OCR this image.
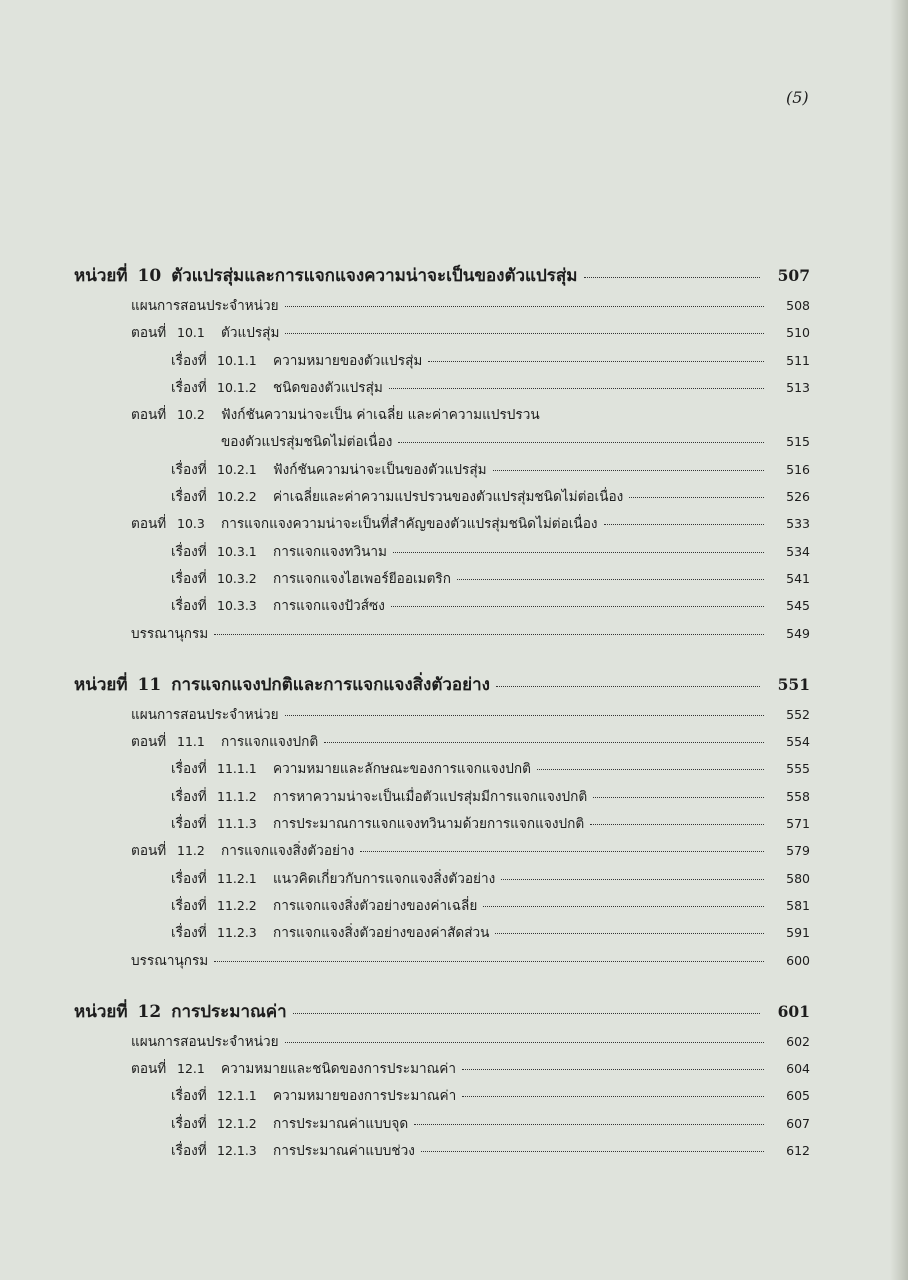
(5)
หน่วยที่ 10 ตัวแปรสุ่มและการแจกแจงความน่าจะเป็นของตัวแปรสุ่ม	507
แผนการสอนประจำหน่วย	508
ตอนที่ 10.1	ตัวแปรสุ่ม	510
เรื่องที่ 10.1.1	ความหมายของตัวแปรสุ่ม	511
เรื่องที่ 10.1.2	ชนิดของตัวแปรสุ่ม	513
ตอนที่ 10.2	ฟังก์ชันความน่าจะเป็น ค่าเฉลี่ย และค่าความแปรปรวน
ของตัวแปรสุ่มชนิดไม่ต่อเนื่อง	515
เรื่องที่ 10.2.1	ฟังก์ชันความน่าจะเป็นของตัวแปรสุ่ม	516
เรื่องที่ 10.2.2	ค่าเฉลี่ยและค่าความแปรปรวนของตัวแปรสุ่มชนิดไม่ต่อเนื่อง	526
ตอนที่ 10.3	การแจกแจงความน่าจะเป็นที่สำคัญของตัวแปรสุ่มชนิดไม่ต่อเนื่อง	533
เรื่องที่ 10.3.1	การแจกแจงทวินาม	534
เรื่องที่ 10.3.2	การแจกแจงไฮเพอร์ยีออเมตริก	541
เรื่องที่ 10.3.3	การแจกแจงปัวส์ซง	545
บรรณานุกรม	549
หน่วยที่ 11 การแจกแจงปกติและการแจกแจงสิ่งตัวอย่าง	551
แผนการสอนประจำหน่วย	552
ตอนที่ 11.1	การแจกแจงปกติ	554
เรื่องที่ 11.1.1	ความหมายและลักษณะของการแจกแจงปกติ	555
เรื่องที่ 11.1.2	การหาความน่าจะเป็นเมื่อตัวแปรสุ่มมีการแจกแจงปกติ	558
เรื่องที่ 11.1.3	การประมาณการแจกแจงทวินามด้วยการแจกแจงปกติ	571
ตอนที่ 11.2	การแจกแจงสิ่งตัวอย่าง	579
เรื่องที่ 11.2.1	แนวคิดเกี่ยวกับการแจกแจงสิ่งตัวอย่าง	580
เรื่องที่ 11.2.2	การแจกแจงสิ่งตัวอย่างของค่าเฉลี่ย	581
เรื่องที่ 11.2.3	การแจกแจงสิ่งตัวอย่างของค่าสัดส่วน	591
บรรณานุกรม	600
หน่วยที่ 12 การประมาณค่า	601
แผนการสอนประจำหน่วย	602
ตอนที่ 12.1	ความหมายและชนิดของการประมาณค่า	604
เรื่องที่ 12.1.1	ความหมายของการประมาณค่า	605
เรื่องที่ 12.1.2	การประมาณค่าแบบจุด	607
เรื่องที่ 12.1.3	การประมาณค่าแบบช่วง	612
